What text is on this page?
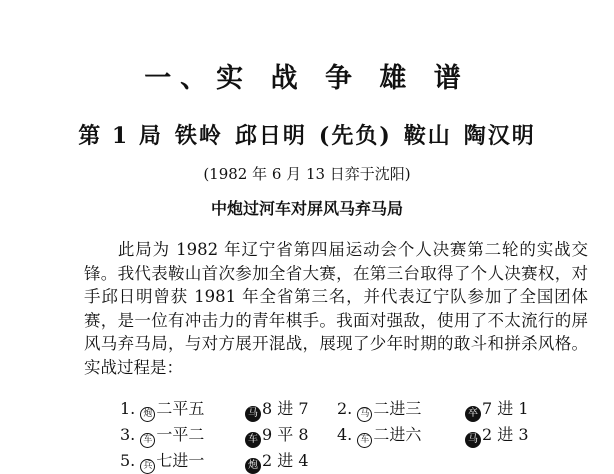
一、实 战 争 雄 谱
第 1 局 铁岭 邱日明 (先负) 鞍山 陶汉明
(1982 年 6 月 13 日弈于沈阳)
中炮过河车对屏风马弃马局
此局为 1982 年辽宁省第四届运动会个人决赛第二轮的实战交锋。我代表鞍山首次参加全省大赛，在第三台取得了个人决赛权，对手邱日明曾获 1981 年全省第三名，并代表辽宁队参加了全国团体赛，是一位有冲击力的青年棋手。我面对强敌，使用了不太流行的屏风马弃马局，与对方展开混战，展现了少年时期的敢斗和拼杀风格。实战过程是：
1. 炮 二平五	马 8 进 7 2. 马 二进三	卒 7 进 1
3. 车 一平二	车 9 平 8 4. 车 二进六	马 2 进 3
5. 兵 七进一	炮 2 进 4
